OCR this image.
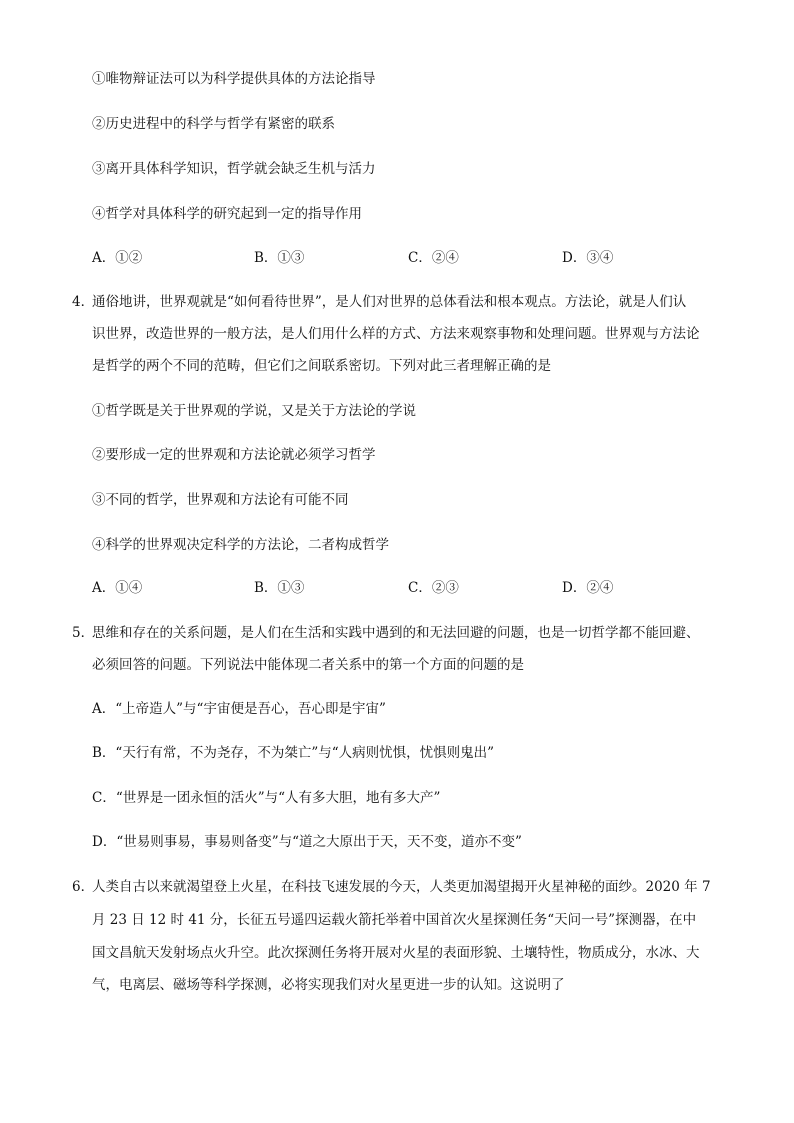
①唯物辩证法可以为科学提供具体的方法论指导
②历史进程中的科学与哲学有紧密的联系
③离开具体科学知识，哲学就会缺乏生机与活力
④哲学对具体科学的研究起到一定的指导作用
A．①②	B．①③	C．②④	D．③④
4．
通俗地讲，世界观就是“如何看待世界”，是人们对世界的总体看法和根本观点。方法论，就是人们认
识世界，改造世界的一般方法，是人们用什么样的方式、方法来观察事物和处理问题。世界观与方法论
是哲学的两个不同的范畴，但它们之间联系密切。下列对此三者理解正确的是
①哲学既是关于世界观的学说，又是关于方法论的学说
②要形成一定的世界观和方法论就必须学习哲学
③不同的哲学，世界观和方法论有可能不同
④科学的世界观决定科学的方法论，二者构成哲学
A．①④	B．①③	C．②③	D．②④
5．
思维和存在的关系问题，是人们在生活和实践中遇到的和无法回避的问题，也是一切哲学都不能回避、
必须回答的问题。下列说法中能体现二者关系中的第一个方面的问题的是
A．“上帝造人”与“宇宙便是吾心，吾心即是宇宙”
B．“天行有常，不为尧存，不为桀亡”与“人病则忧惧，忧惧则鬼出”
C．“世界是一团永恒的活火”与“人有多大胆，地有多大产”
D．“世易则事易，事易则备变”与“道之大原出于天，天不变，道亦不变”
6．
人类自古以来就渴望登上火星，在科技飞速发展的今天，人类更加渴望揭开火星神秘的面纱。2020 年 7
月 23 日 12 时 41 分，长征五号遥四运载火箭托举着中国首次火星探测任务“天问一号”探测器，在中
国文昌航天发射场点火升空。此次探测任务将开展对火星的表面形貌、土壤特性，物质成分，水冰、大
气，电离层、磁场等科学探测，必将实现我们对火星更进一步的认知。这说明了
